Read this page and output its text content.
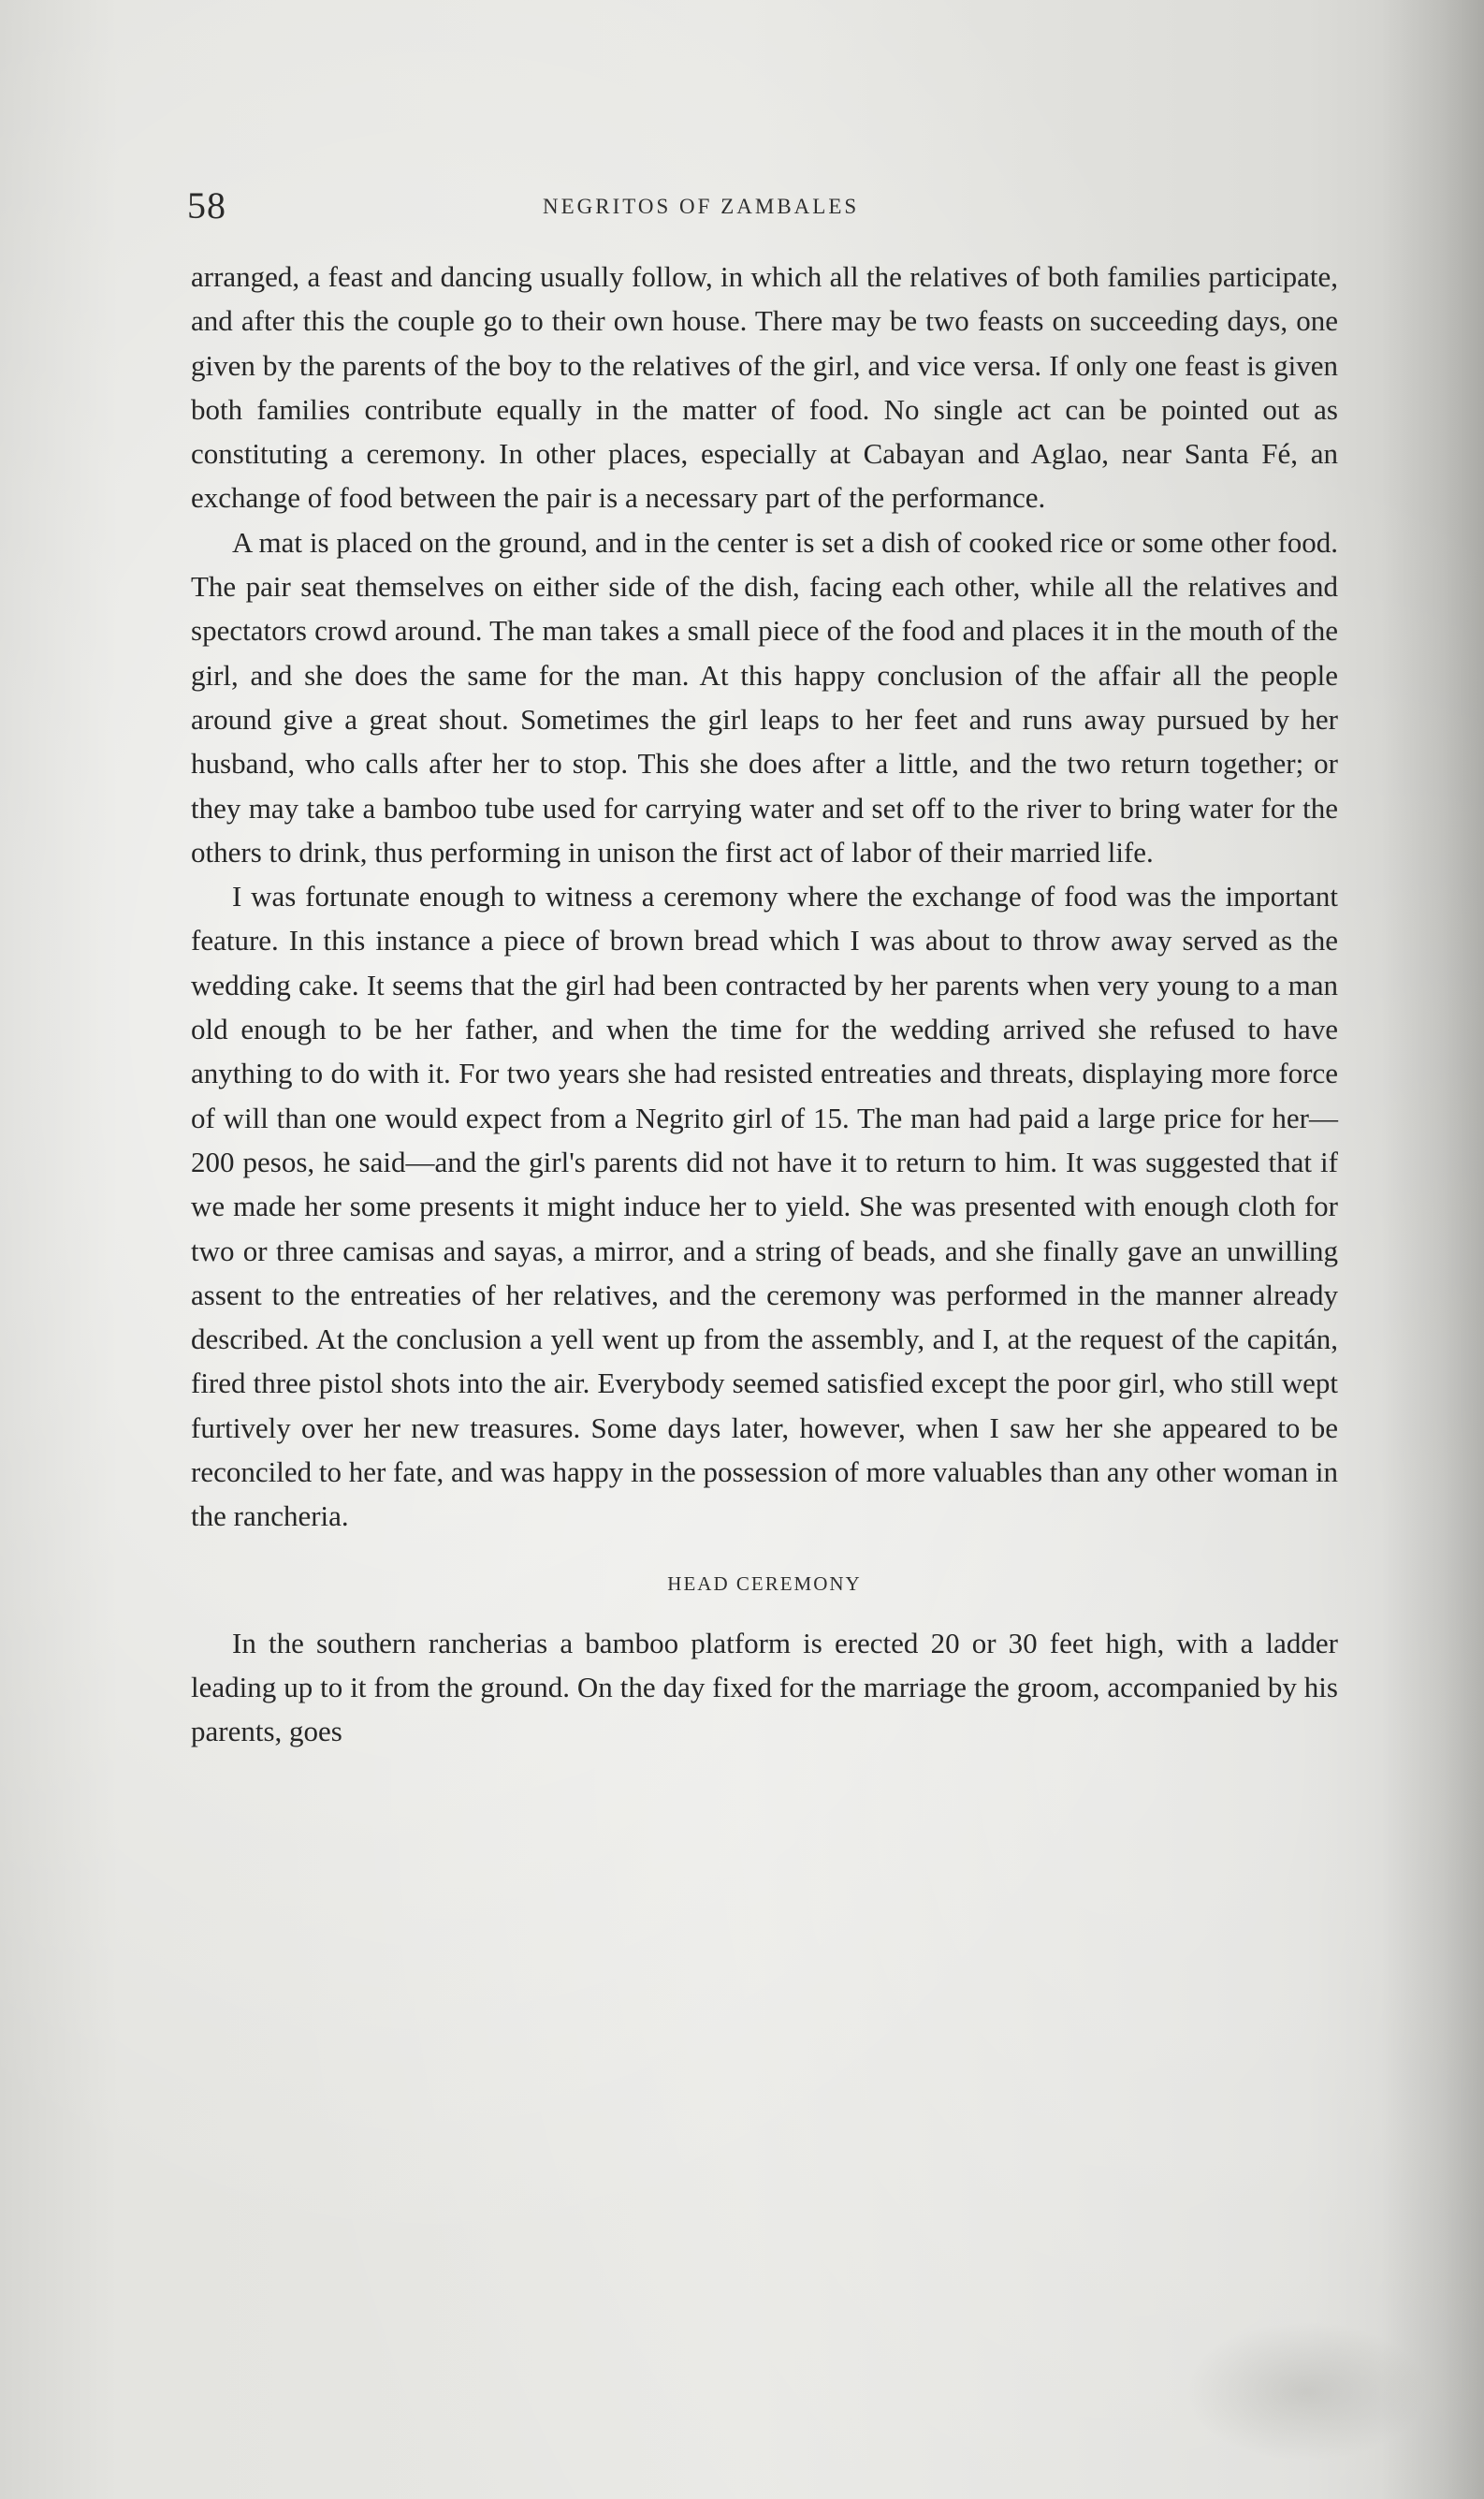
58	NEGRITOS OF ZAMBALES

arranged, a feast and dancing usually follow, in which all the relatives of both families participate, and after this the couple go to their own house. There may be two feasts on succeeding days, one given by the parents of the boy to the relatives of the girl, and vice versa. If only one feast is given both families contribute equally in the matter of food. No single act can be pointed out as constituting a ceremony. In other places, especially at Cabayan and Aglao, near Santa Fé, an exchange of food between the pair is a necessary part of the performance.

A mat is placed on the ground, and in the center is set a dish of cooked rice or some other food. The pair seat themselves on either side of the dish, facing each other, while all the relatives and spectators crowd around. The man takes a small piece of the food and places it in the mouth of the girl, and she does the same for the man. At this happy conclusion of the affair all the people around give a great shout. Sometimes the girl leaps to her feet and runs away pursued by her husband, who calls after her to stop. This she does after a little, and the two return together; or they may take a bamboo tube used for carrying water and set off to the river to bring water for the others to drink, thus performing in unison the first act of labor of their married life.

I was fortunate enough to witness a ceremony where the exchange of food was the important feature. In this instance a piece of brown bread which I was about to throw away served as the wedding cake. It seems that the girl had been contracted by her parents when very young to a man old enough to be her father, and when the time for the wedding arrived she refused to have anything to do with it. For two years she had resisted entreaties and threats, displaying more force of will than one would expect from a Negrito girl of 15. The man had paid a large price for her—200 pesos, he said—and the girl's parents did not have it to return to him. It was suggested that if we made her some presents it might induce her to yield. She was presented with enough cloth for two or three camisas and sayas, a mirror, and a string of beads, and she finally gave an unwilling assent to the entreaties of her relatives, and the ceremony was performed in the manner already described. At the conclusion a yell went up from the assembly, and I, at the request of the capitán, fired three pistol shots into the air. Everybody seemed satisfied except the poor girl, who still wept furtively over her new treasures. Some days later, however, when I saw her she appeared to be reconciled to her fate, and was happy in the possession of more valuables than any other woman in the rancheria.

HEAD CEREMONY

In the southern rancherias a bamboo platform is erected 20 or 30 feet high, with a ladder leading up to it from the ground. On the day fixed for the marriage the groom, accompanied by his parents, goes
